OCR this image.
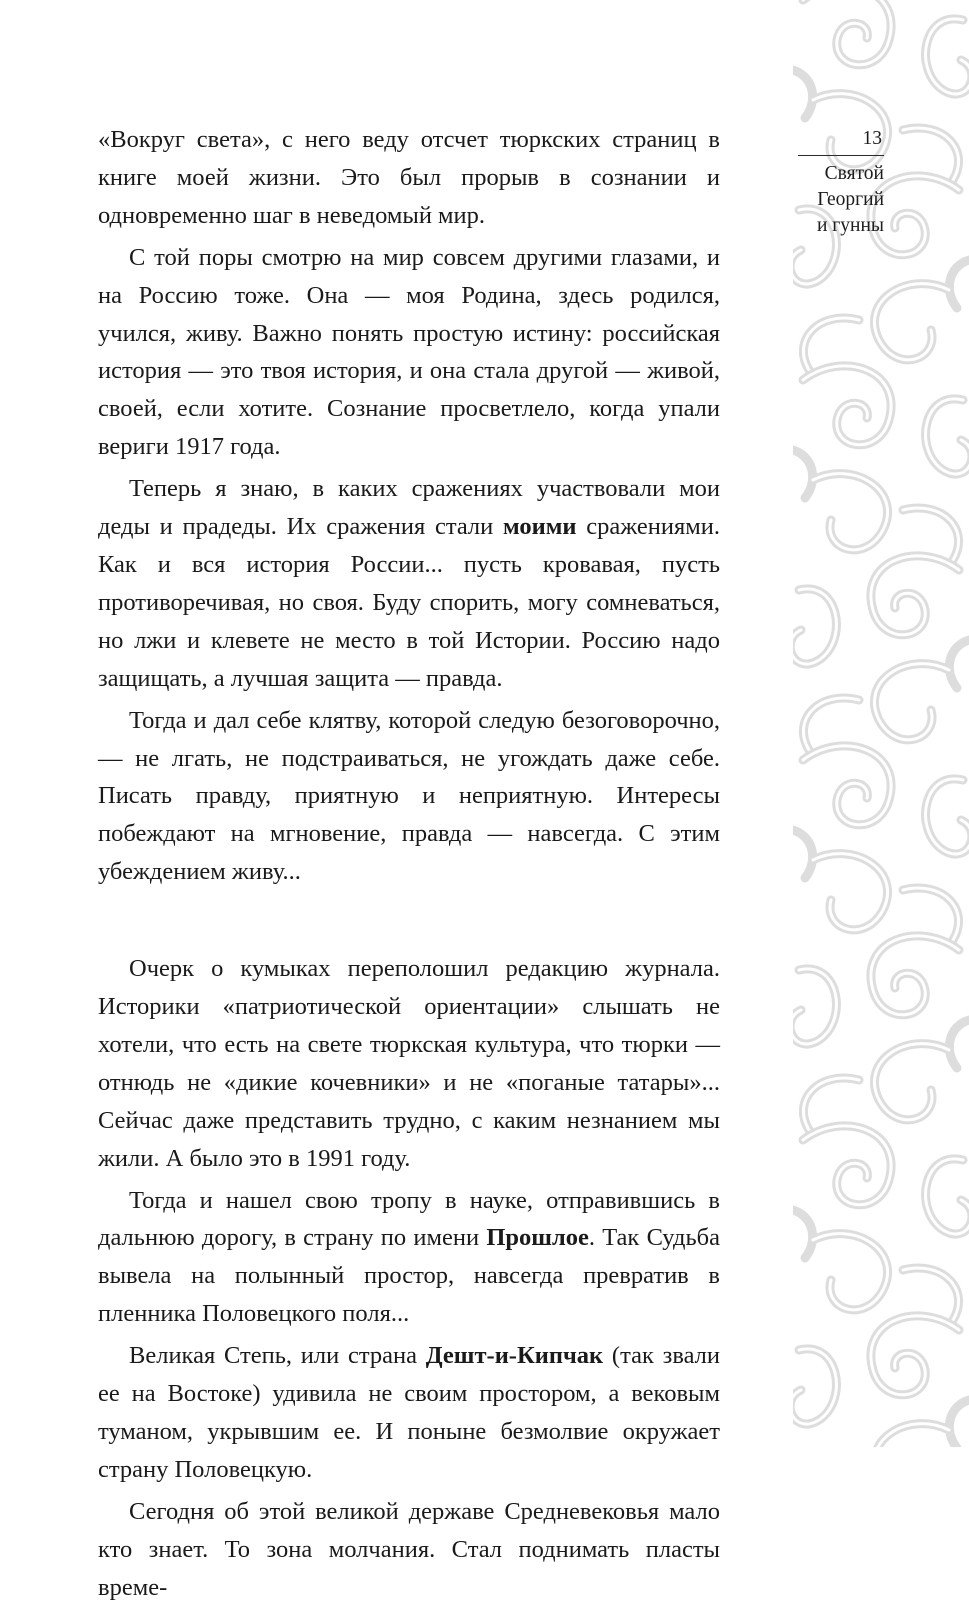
13
Святой
Георгий
и гунны

«Вокруг света», с него веду отсчет тюркских страниц в книге моей жизни. Это был прорыв в сознании и одновременно шаг в неведомый мир.

С той поры смотрю на мир совсем другими глазами, и на Россию тоже. Она — моя Родина, здесь родился, учился, живу. Важно понять простую истину: российская история — это твоя история, и она стала другой — живой, своей, если хотите. Сознание просветлело, когда упали вериги 1917 года.

Теперь я знаю, в каких сражениях участвовали мои деды и прадеды. Их сражения стали моими сражениями. Как и вся история России... пусть кровавая, пусть противоречивая, но своя. Буду спорить, могу сомневаться, но лжи и клевете не место в той Истории. Россию надо защищать, а лучшая защита — правда.

Тогда и дал себе клятву, которой следую безоговорочно, — не лгать, не подстраиваться, не угождать даже себе. Писать правду, приятную и неприятную. Интересы побеждают на мгновение, правда — навсегда. С этим убеждением живу...

Очерк о кумыках переполошил редакцию журнала. Историки «патриотической ориентации» слышать не хотели, что есть на свете тюркская культура, что тюрки — отнюдь не «дикие кочевники» и не «поганые татары»... Сейчас даже представить трудно, с каким незнанием мы жили. А было это в 1991 году.

Тогда и нашел свою тропу в науке, отправившись в дальнюю дорогу, в страну по имени Прошлое. Так Судьба вывела на полынный простор, навсегда превратив в пленника Половецкого поля...

Великая Степь, или страна Дешт-и-Кипчак (так звали ее на Востоке) удивила не своим простором, а вековым туманом, укрывшим ее. И поныне безмолвие окружает страну Половецкую.

Сегодня об этой великой державе Средневековья мало кто знает. То зона молчания. Стал поднимать пласты време-
